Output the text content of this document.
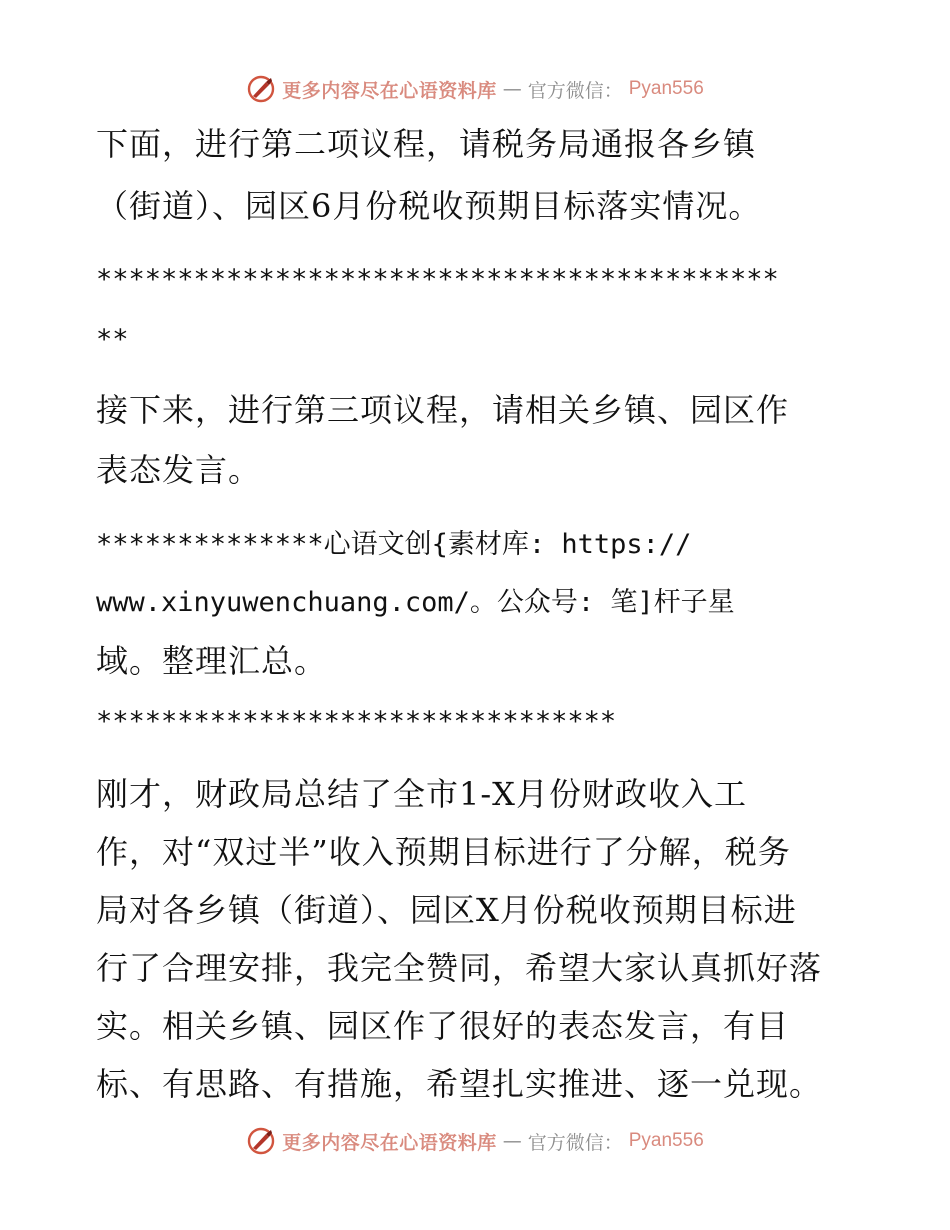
更多内容尽在心语资料库 — 官方微信： Pyan556
下面，进行第二项议程，请税务局通报各乡镇
（街道）、园区6月份税收预期目标落实情况。
******************************************
**
接下来，进行第三项议程，请相关乡镇、园区作
表态发言。
**************心语文创{素材库: https://
www.xinyuwenchuang.com/。公众号: 笔]杆子星
域。整理汇总。
********************************
刚才，财政局总结了全市1-X月份财政收入工
作，对“双过半”收入预期目标进行了分解，税务
局对各乡镇（街道）、园区X月份税收预期目标进
行了合理安排，我完全赞同，希望大家认真抓好落
实。相关乡镇、园区作了很好的表态发言，有目
标、有思路、有措施，希望扎实推进、逐一兑现。
更多内容尽在心语资料库 — 官方微信： Pyan556
